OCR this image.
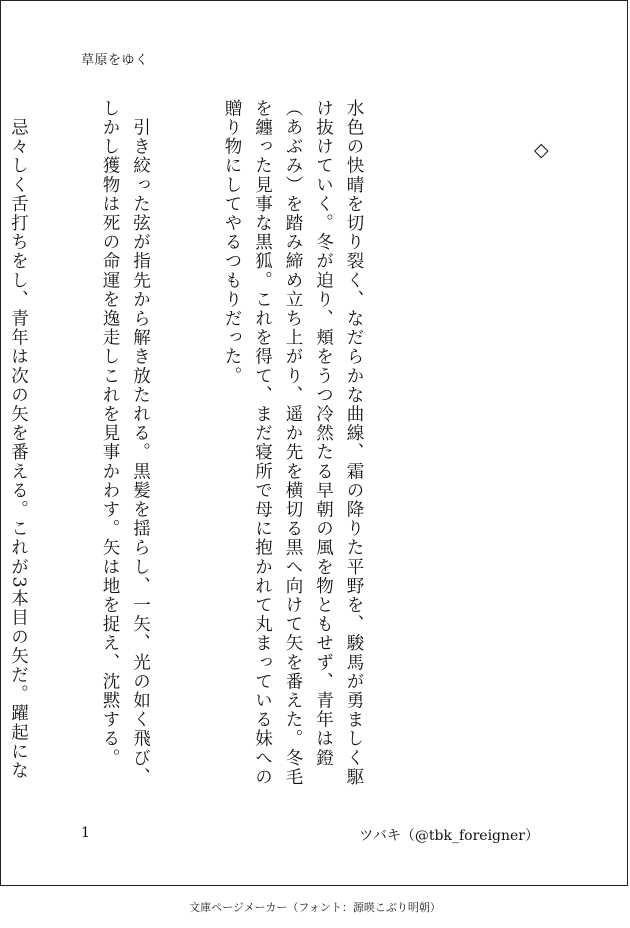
草原をゆく
◇

水色の快晴を切り裂く、なだらかな曲線、霜の降りた平野を、駿馬が勇ましく駆け抜けていく。冬が迫り、頬をうつ冷然たる早朝の風を物ともせず、青年は鐙（あぶみ）を踏み締め立ち上がり、遥か先を横切る黒へ向けて矢を番えた。冬毛を纏った見事な黒狐。これを得て、まだ寝所で母に抱かれて丸まっている妹への贈り物にしてやるつもりだった。

　引き絞った弦が指先から解き放たれる。黒髪を揺らし、一矢、光の如く飛び、しかし獲物は死の命運を逸走しこれを見事かわす。矢は地を捉え、沈黙する。

　忌々しく舌打ちをし、青年は次の矢を番える。これが3本目の矢だ。躍起にな

1	ツバキ（@tbk_foreigner）
文庫ページメーカー（フォント：源暎こぶり明朝）
